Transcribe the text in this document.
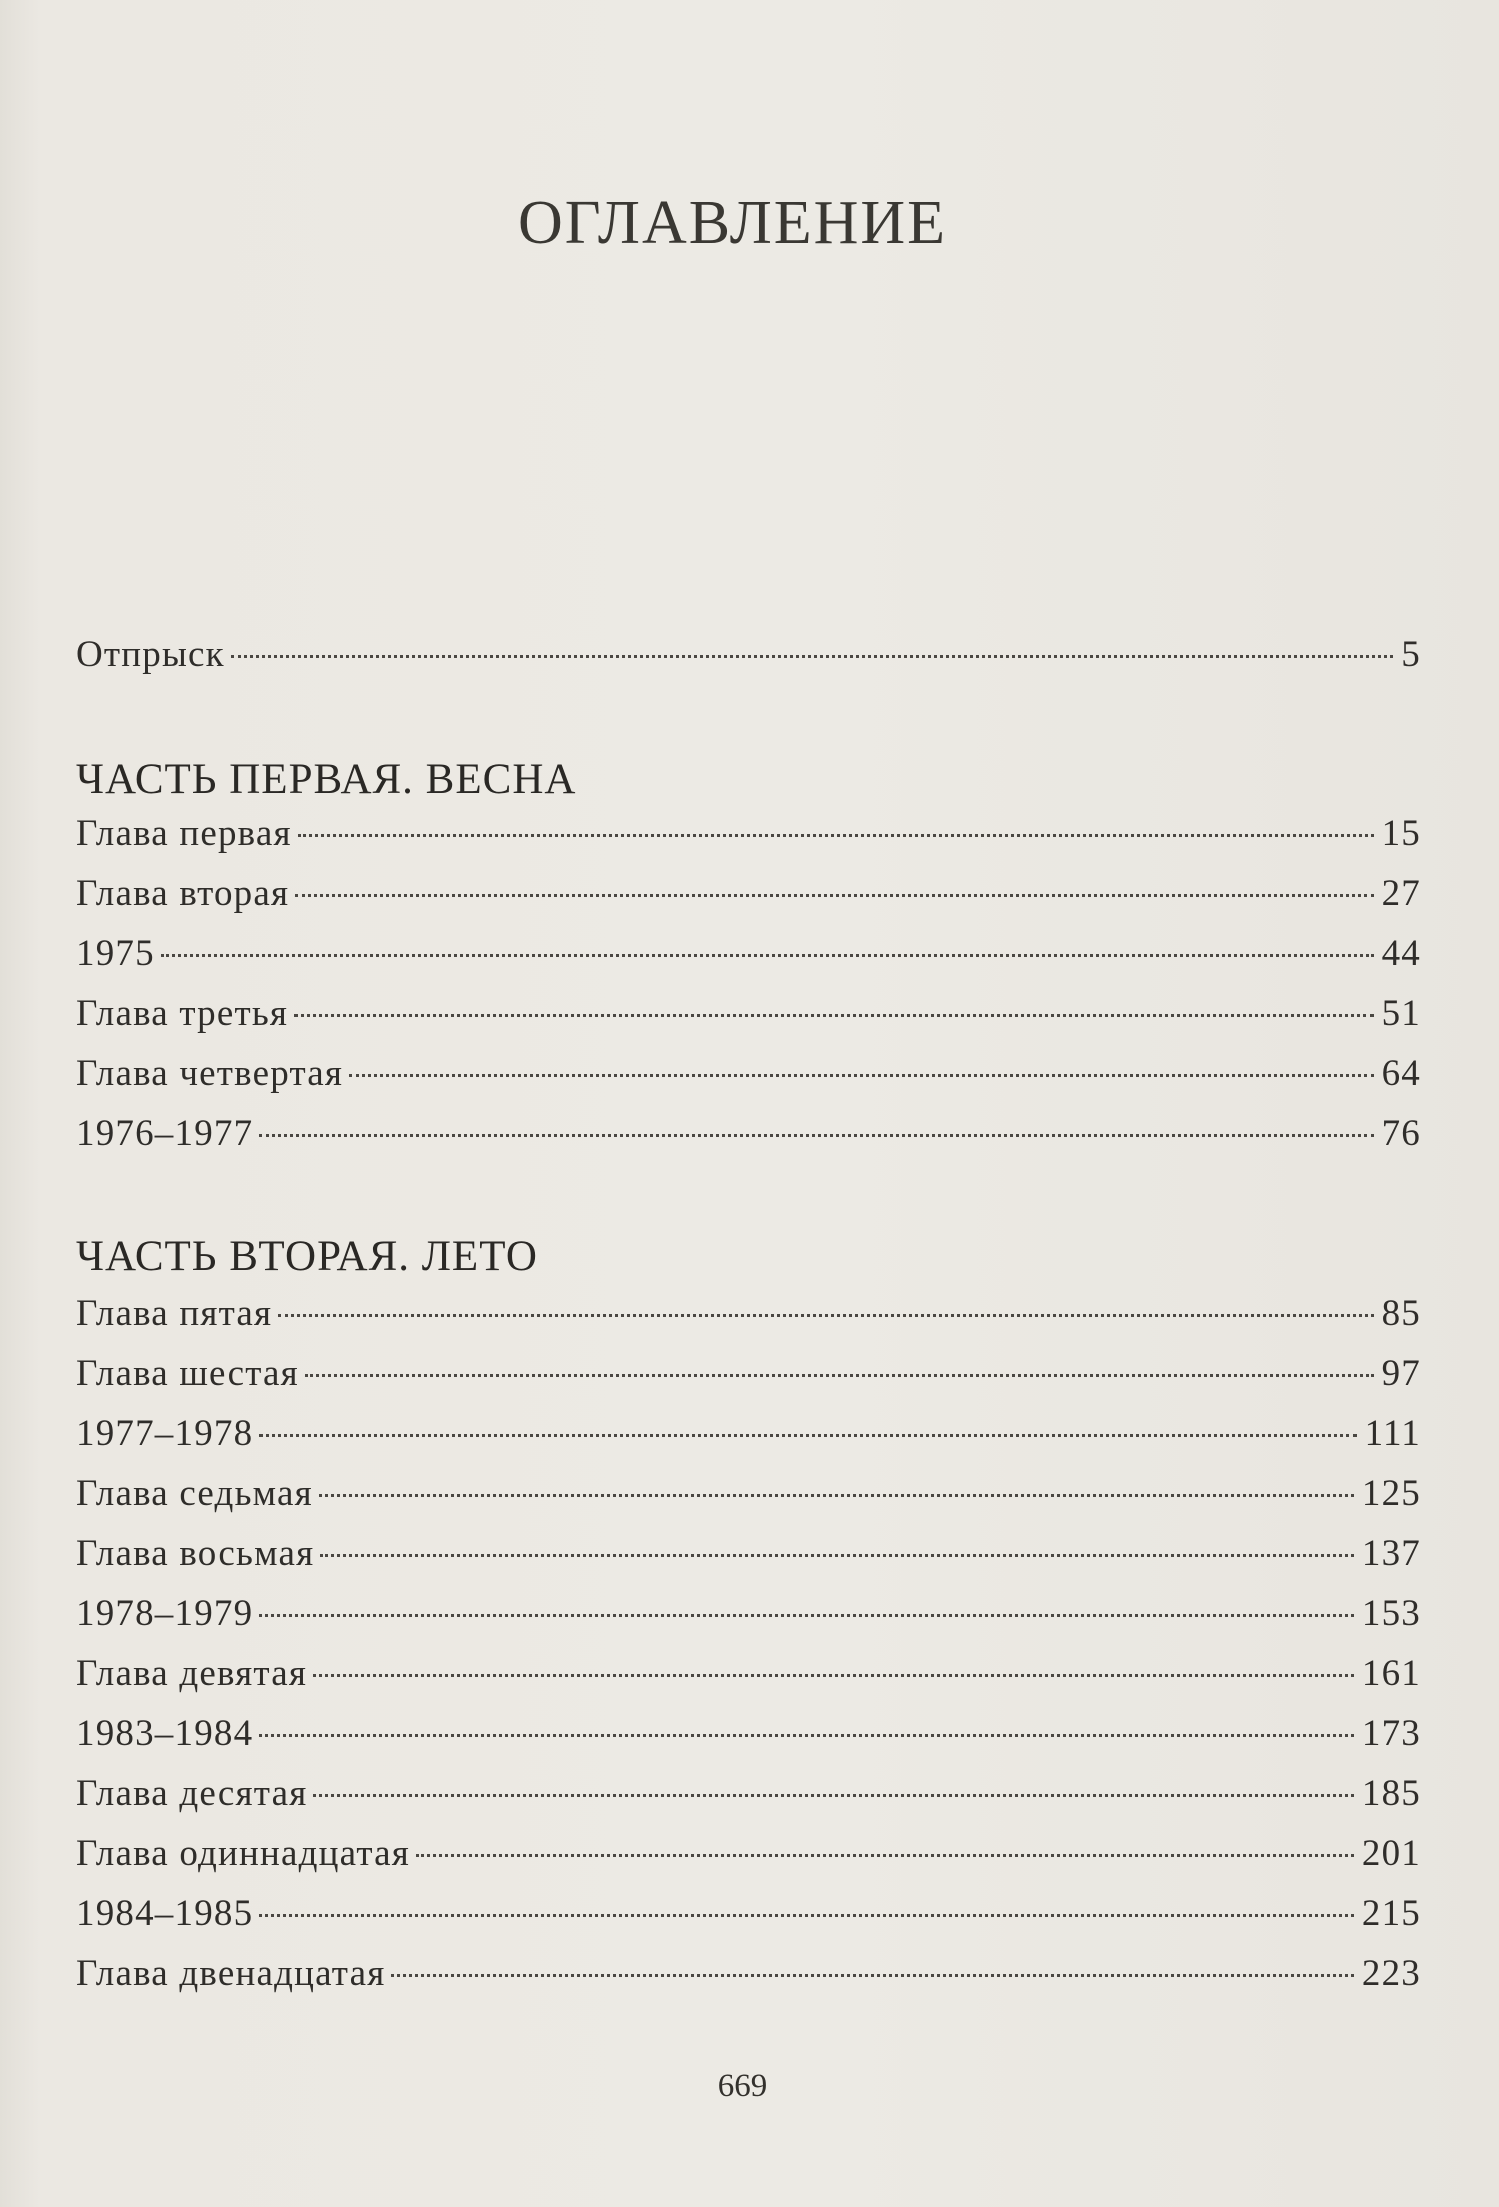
ОГЛАВЛЕНИЕ
Отпрыск	5
ЧАСТЬ ПЕРВАЯ. ВЕСНА
Глава первая	15
Глава вторая	27
1975	44
Глава третья	51
Глава четвертая	64
1976–1977	76
ЧАСТЬ ВТОРАЯ. ЛЕТО
Глава пятая	85
Глава шестая	97
1977–1978	111
Глава седьмая	125
Глава восьмая	137
1978–1979	153
Глава девятая	161
1983–1984	173
Глава десятая	185
Глава одиннадцатая	201
1984–1985	215
Глава двенадцатая	223
669
